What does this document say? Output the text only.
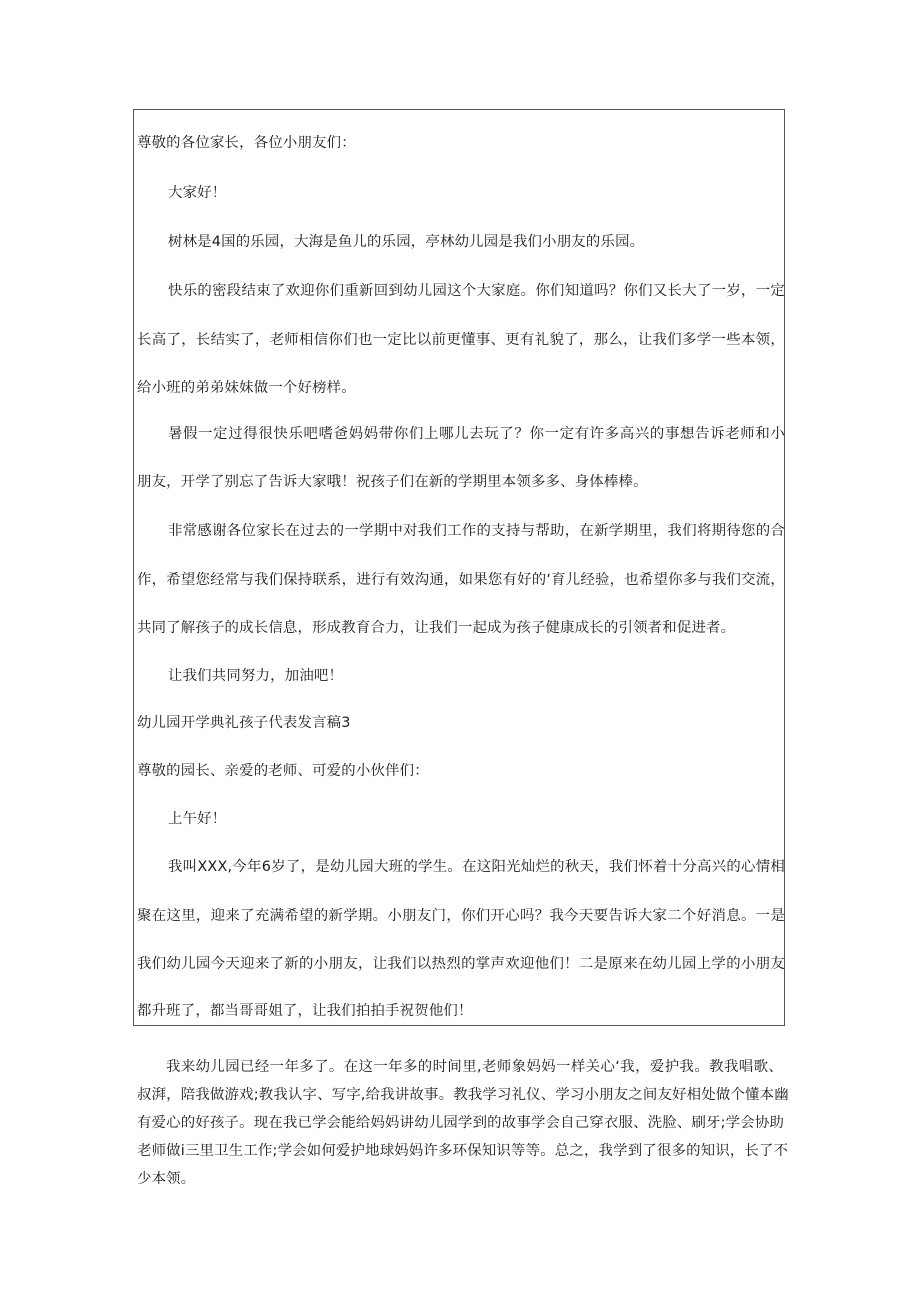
尊敬的各位家长，各位小朋友们：
大家好！
树林是4国的乐园，大海是鱼儿的乐园，亭林幼儿园是我们小朋友的乐园。
快乐的密段结束了欢迎你们重新回到幼儿园这个大家庭。你们知道吗？你们又长大了一岁，一定
长高了，长结实了，老师相信你们也一定比以前更懂事、更有礼貌了，那么，让我们多学一些本领，
给小班的弟弟妹妹做一个好榜样。
暑假一定过得很快乐吧嗜爸妈妈带你们上哪儿去玩了？你一定有许多高兴的事想告诉老师和小
朋友，开学了别忘了告诉大家哦！祝孩子们在新的学期里本领多多、身体棒棒。
非常感谢各位家长在过去的一学期中对我们工作的支持与帮助，在新学期里，我们将期待您的合
作，希望您经常与我们保持联系，进行有效沟通，如果您有好的‘育儿经验，也希望你多与我们交流，
共同了解孩子的成长信息，形成教育合力，让我们一起成为孩子健康成长的引领者和促进者。
让我们共同努力，加油吧！
幼儿园开学典礼孩子代表发言稿3
尊敬的园长、亲爱的老师、可爱的小伙伴们：
上午好！
我叫XXX,今年6岁了，是幼儿园大班的学生。在这阳光灿烂的秋天，我们怀着十分高兴的心情相
聚在这里，迎来了充满希望的新学期。小朋友门，你们开心吗？我今天要告诉大家二个好消息。一是
我们幼儿园今天迎来了新的小朋友，让我们以热烈的掌声欢迎他们！二是原来在幼儿园上学的小朋友
都升班了，都当哥哥姐了，让我们拍拍手祝贺他们！
我来幼儿园已经一年多了。在这一年多的时间里,老师象妈妈一样关心‘我，爱护我。教我唱歌、
叔湃，陪我做游戏;教我认字、写字,给我讲故事。教我学习礼仪、学习小朋友之间友好相处做个懂本幽
有爱心的好孩子。现在我已学会能给妈妈讲幼儿园学到的故事学会自己穿衣服、洗脸、刷牙;学会协助
老师做i三里卫生工作;学会如何爱护地球妈妈许多环保知识等等。总之，我学到了很多的知识，长了不
少本领。
